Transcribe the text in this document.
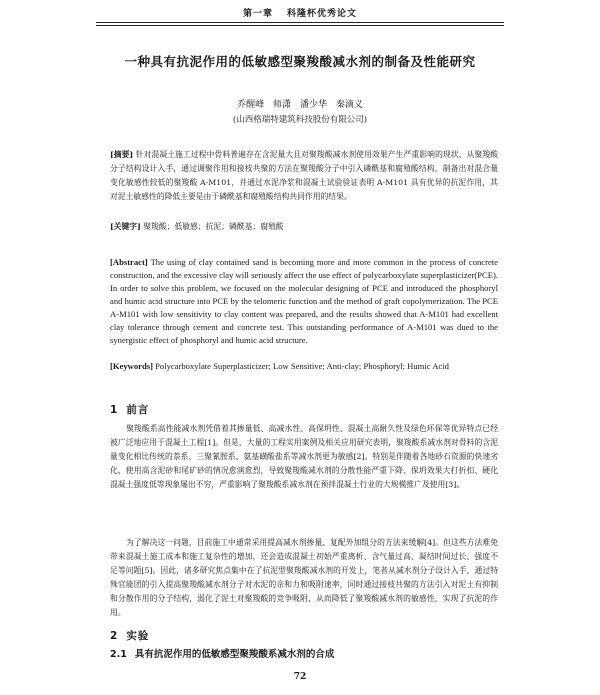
第一章 科隆杯优秀论文
一种具有抗泥作用的低敏感型聚羧酸减水剂的制备及性能研究
乔醒峰 师潇 潘少华 秦滴义
(山西格瑞特建筑科技股份有限公司)
[摘要] 针对混凝土施工过程中骨料普遍存在含泥量大且对聚羧酸减水剂使用效果产生严重影响的现状，从聚羧酸分子结构设计入手，通过调聚作用和接枝共聚的方法在聚羧酸分子中引入磷酰基和腐殖酸结构，制备出对混合量变化敏感性较低的聚羧酸 A-M101，并通过水泥净浆和混凝土试验验证表明 A-M101 具有优异的抗泥作用，其对泥土敏感性的降低主要是由于磷酰基和腐殖酸结构共同作用的结果。
[关键字] 聚羧酸；低敏感；抗泥；磷酰基；腐殖酸
[Abstract] The using of clay contained sand is becoming more and more common in the process of concrete construction, and the excessive clay will seriously affect the use effect of polycarboxylate superplasticizer(PCE). In order to solve this problem, we focused on the molecular designing of PCE and introduced the phosphoryl and humic acid structure into PCE by the telomeric function and the method of graft copolymerization. The PCE A-M101 with low sensitivity to clay content was prepared, and the results showed that A-M101 had excellent clay tolerance through cement and concrete test. This outstanding performance of A-M101 was dued to the synergistic effect of phosphoryl and humic acid structure.
[Keywords] Polycarboxylate Superplasticizer; Low Sensitive; Anti-clay; Phosphoryl; Humic Acid
1 前言
聚羧酸系高性能减水剂凭借着其掺量低、高减水性、高保坍性、混凝土高耐久性及绿色环保等优异特点已经被广泛地应用于混凝土工程[1]。但是，大量的工程实用案例及相关应用研究表明，聚羧酸系减水剂对骨料的含泥量变化相比传统的萘系、三聚氰胺系、氨基磺酸盐系等减水剂更为敏感[2]。特别是伴随着各地砂石资源的快速劣化，使用高含泥砂和尾矿砂的情况愈演愈烈，导致聚羧酸减水剂的分散性能严重下降、保坍效果大打折扣、硬化混凝土强度低等现象屡出不穷，严重影响了聚羧酸系减水剂在预拌混凝土行业的大规模推广及使用[3]。
为了解决这一问题，目前施工中通常采用提高减水剂掺量、复配外加组分的方法来缓解[4]。但这些方法难免带来混凝土施工成本和施工复杂性的增加，还会造成混凝土初始严重离析、含气量过高、凝结时间过长、强度不足等问题[5]。因此，诸多研究焦点集中在了抗泥型聚羧酸减水剂的开发上，笔者从减水剂分子设计入手，通过特殊官能团的引入提高聚羧酸减水剂分子对水泥的亲和力和吸附速率，同时通过接枝共聚的方法引入对泥土有抑制和分散作用的分子结构，弱化了泥土对聚羧酸的竞争吸附，从而降低了聚羧酸减水剂的敏感性，实现了抗泥的作用。
2 实验
2.1 具有抗泥作用的低敏感型聚羧酸系减水剂的合成
72
